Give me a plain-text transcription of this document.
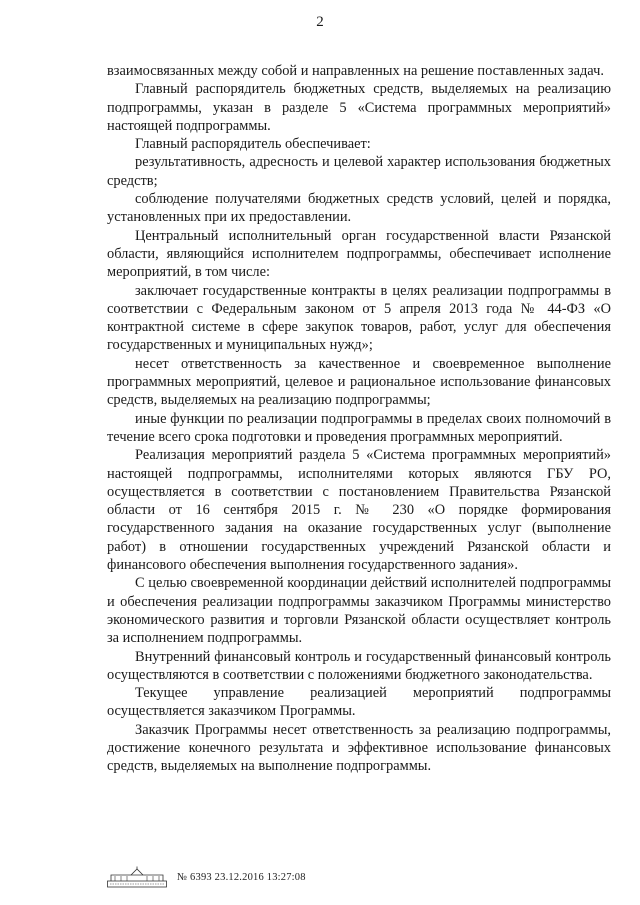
2

взаимосвязанных между собой и направленных на решение поставленных задач.

Главный распорядитель бюджетных средств, выделяемых на реализацию подпрограммы, указан в разделе 5 «Система программных мероприятий» настоящей подпрограммы.

Главный распорядитель обеспечивает:

результативность, адресность и целевой характер использования бюджетных средств;

соблюдение получателями бюджетных средств условий, целей и порядка, установленных при их предоставлении.

Центральный исполнительный орган государственной власти Рязанской области, являющийся исполнителем подпрограммы, обеспечивает исполнение мероприятий, в том числе:

заключает государственные контракты в целях реализации подпрограммы в соответствии с Федеральным законом от 5 апреля 2013 года № 44-ФЗ «О контрактной системе в сфере закупок товаров, работ, услуг для обеспечения государственных и муниципальных нужд»;

несет ответственность за качественное и своевременное выполнение программных мероприятий, целевое и рациональное использование финансовых средств, выделяемых на реализацию подпрограммы;

иные функции по реализации подпрограммы в пределах своих полномочий в течение всего срока подготовки и проведения программных мероприятий.

Реализация мероприятий раздела 5 «Система программных мероприятий» настоящей подпрограммы, исполнителями которых являются ГБУ РО, осуществляется в соответствии с постановлением Правительства Рязанской области от 16 сентября 2015 г. № 230 «О порядке формирования государственного задания на оказание государственных услуг (выполнение работ) в отношении государственных учреждений Рязанской области и финансового обеспечения выполнения государственного задания».

С целью своевременной координации действий исполнителей подпрограммы и обеспечения реализации подпрограммы заказчиком Программы министерство экономического развития и торговли Рязанской области осуществляет контроль за исполнением подпрограммы.

Внутренний финансовый контроль и государственный финансовый контроль осуществляются в соответствии с положениями бюджетного законодательства.

Текущее управление реализацией мероприятий подпрограммы осуществляется заказчиком Программы.

Заказчик Программы несет ответственность за реализацию подпрограммы, достижение конечного результата и эффективное использование финансовых средств, выделяемых на выполнение подпрограммы.

№ 6393 23.12.2016 13:27:08
